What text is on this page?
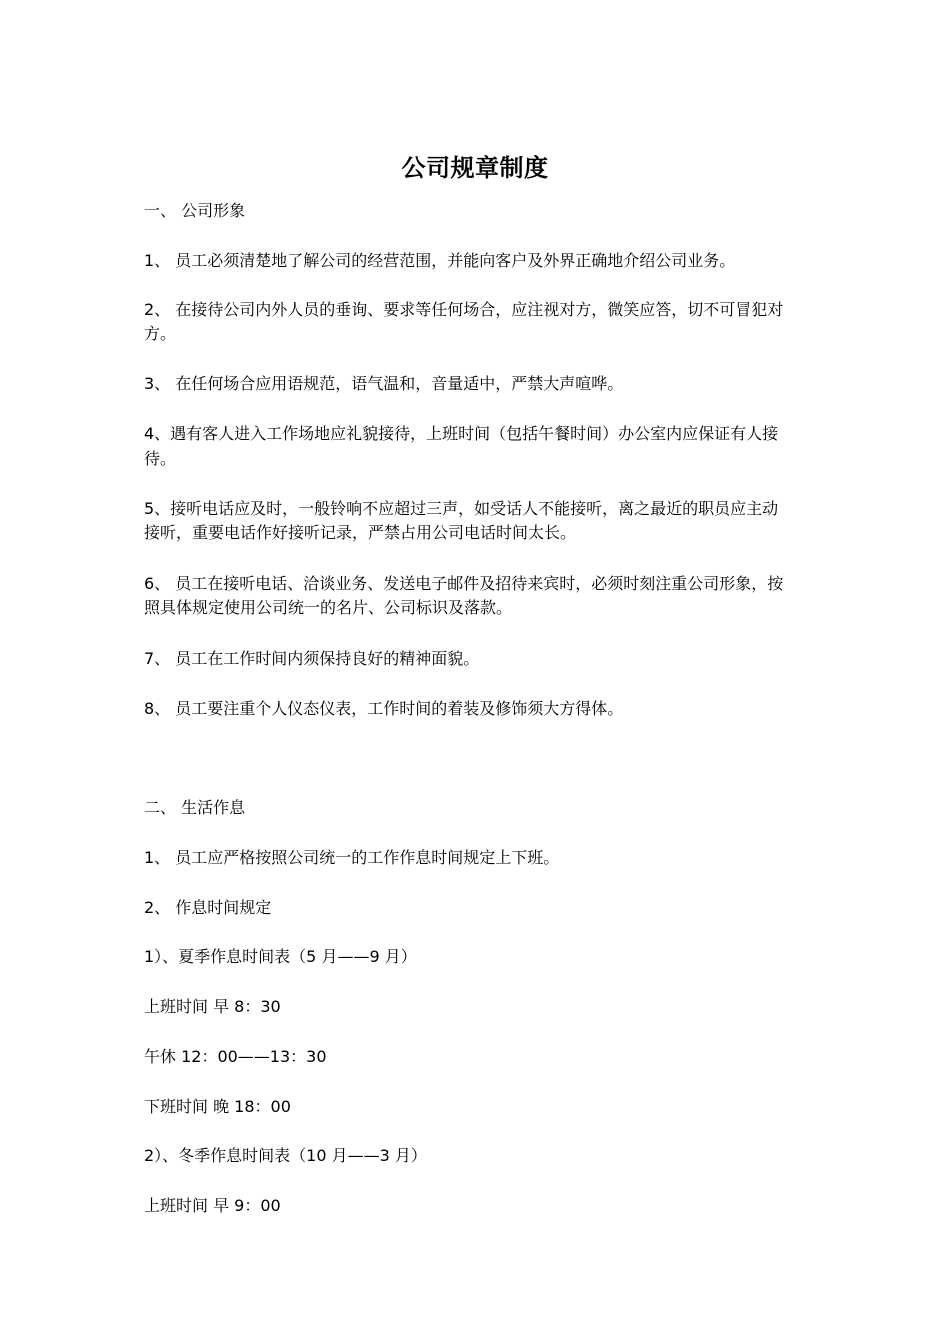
公司规章制度
一、 公司形象
1、 员工必须清楚地了解公司的经营范围，并能向客户及外界正确地介绍公司业务。
2、 在接待公司内外人员的垂询、要求等任何场合，应注视对方，微笑应答，切不可冒犯对
方。
3、 在任何场合应用语规范，语气温和，音量适中，严禁大声喧哗。
4、遇有客人进入工作场地应礼貌接待，上班时间（包括午餐时间）办公室内应保证有人接
待。
5、接听电话应及时，一般铃响不应超过三声，如受话人不能接听，离之最近的职员应主动
接听，重要电话作好接听记录，严禁占用公司电话时间太长。
6、 员工在接听电话、洽谈业务、发送电子邮件及招待来宾时，必须时刻注重公司形象，按
照具体规定使用公司统一的名片、公司标识及落款。
7、 员工在工作时间内须保持良好的精神面貌。
8、 员工要注重个人仪态仪表，工作时间的着装及修饰须大方得体。
二、 生活作息
1、 员工应严格按照公司统一的工作作息时间规定上下班。
2、 作息时间规定
1）、夏季作息时间表（5 月——9 月）
上班时间 早 8：30
午休 12：00——13：30
下班时间 晚 18：00
2）、冬季作息时间表（10 月——3 月）
上班时间 早 9：00
